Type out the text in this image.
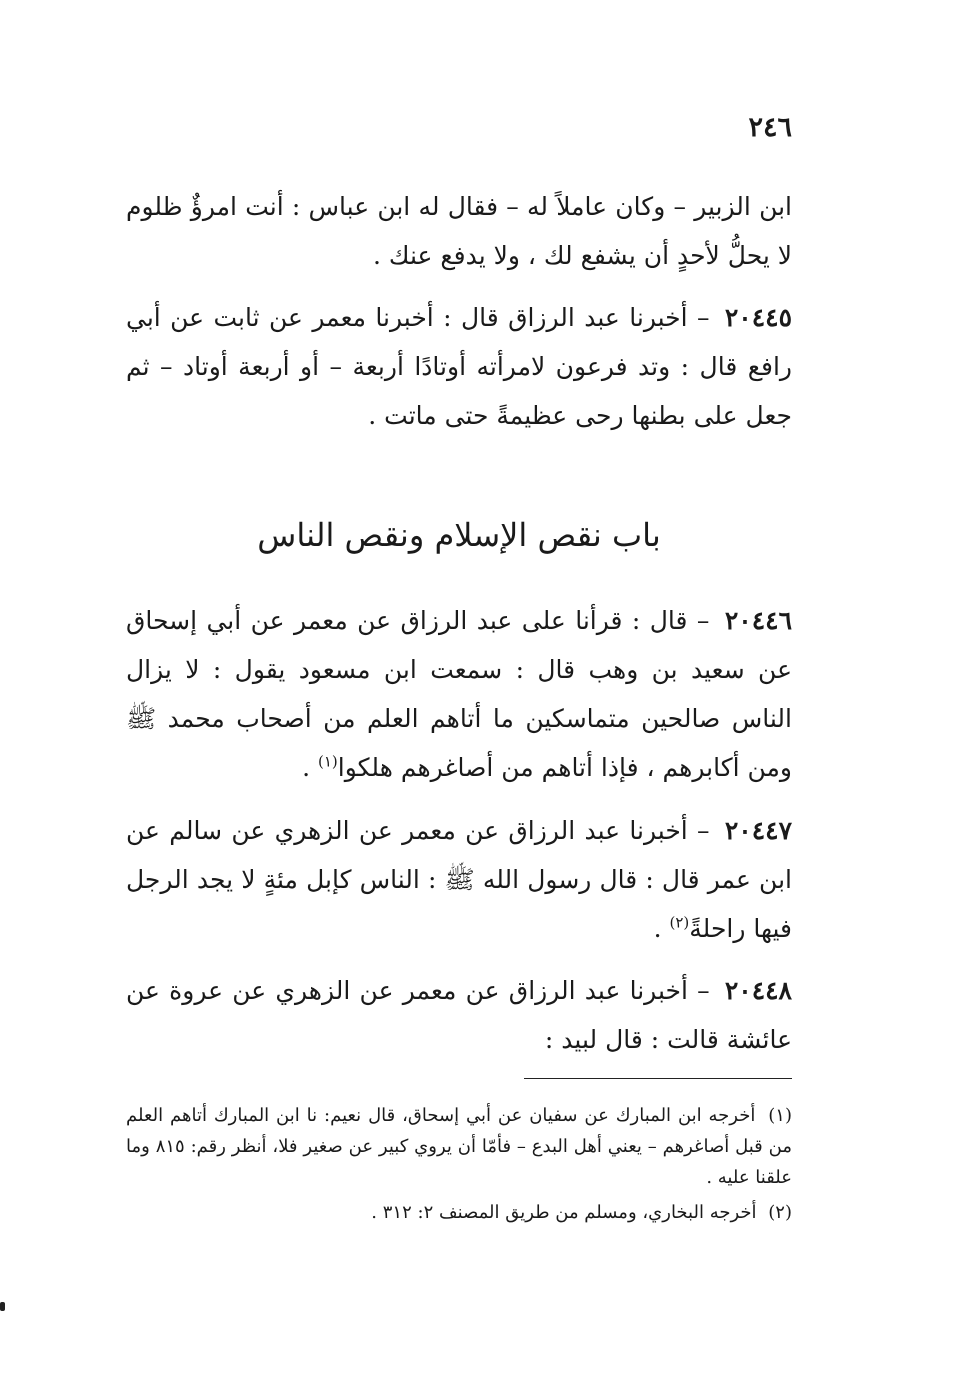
٢٤٦

ابن الزبير – وكان عاملاً له – فقال له ابن عباس : أنت امرؤٌ ظلوم لا يحلُّ لأحدٍ أن يشفع لك ، ولا يدفع عنك .

٢٠٤٤٥ – أخبرنا عبد الرزاق قال : أخبرنا معمر عن ثابت عن أبي رافع قال : وتد فرعون لامرأته أوتادًا أربعة – أو أربعة أوتاد – ثم جعل على بطنها رحى عظيمةً حتى ماتت .

باب نقص الإسلام ونقص الناس

٢٠٤٤٦ – قال : قرأنا على عبد الرزاق عن معمر عن أبي إسحاق عن سعيد بن وهب قال : سمعت ابن مسعود يقول : لا يزال الناس صالحين متماسكين ما أتاهم العلم من أصحاب محمد ﷺ ومن أكابرهم ، فإذا أتاهم من أصاغرهم هلكوا$^{(١)}$ .

٢٠٤٤٧ – أخبرنا عبد الرزاق عن معمر عن الزهري عن سالم عن ابن عمر قال : قال رسول الله ﷺ : الناس كإبل مئةٍ لا يجد الرجل فيها راحلةً$^{(٢)}$ .

٢٠٤٤٨ – أخبرنا عبد الرزاق عن معمر عن الزهري عن عروة عن عائشة قالت : قال لبيد :

(١) أخرجه ابن المبارك عن سفيان عن أبي إسحاق، قال نعيم: نا ابن المبارك أتاهم العلم من قبل أصاغرهم – يعني أهل البدع – فأمّا أن يروي كبير عن صغير فلا، أنظر رقم: ٨١٥ وما علقنا عليه .

(٢) أخرجه البخاري، ومسلم من طريق المصنف ٢: ٣١٢ .
